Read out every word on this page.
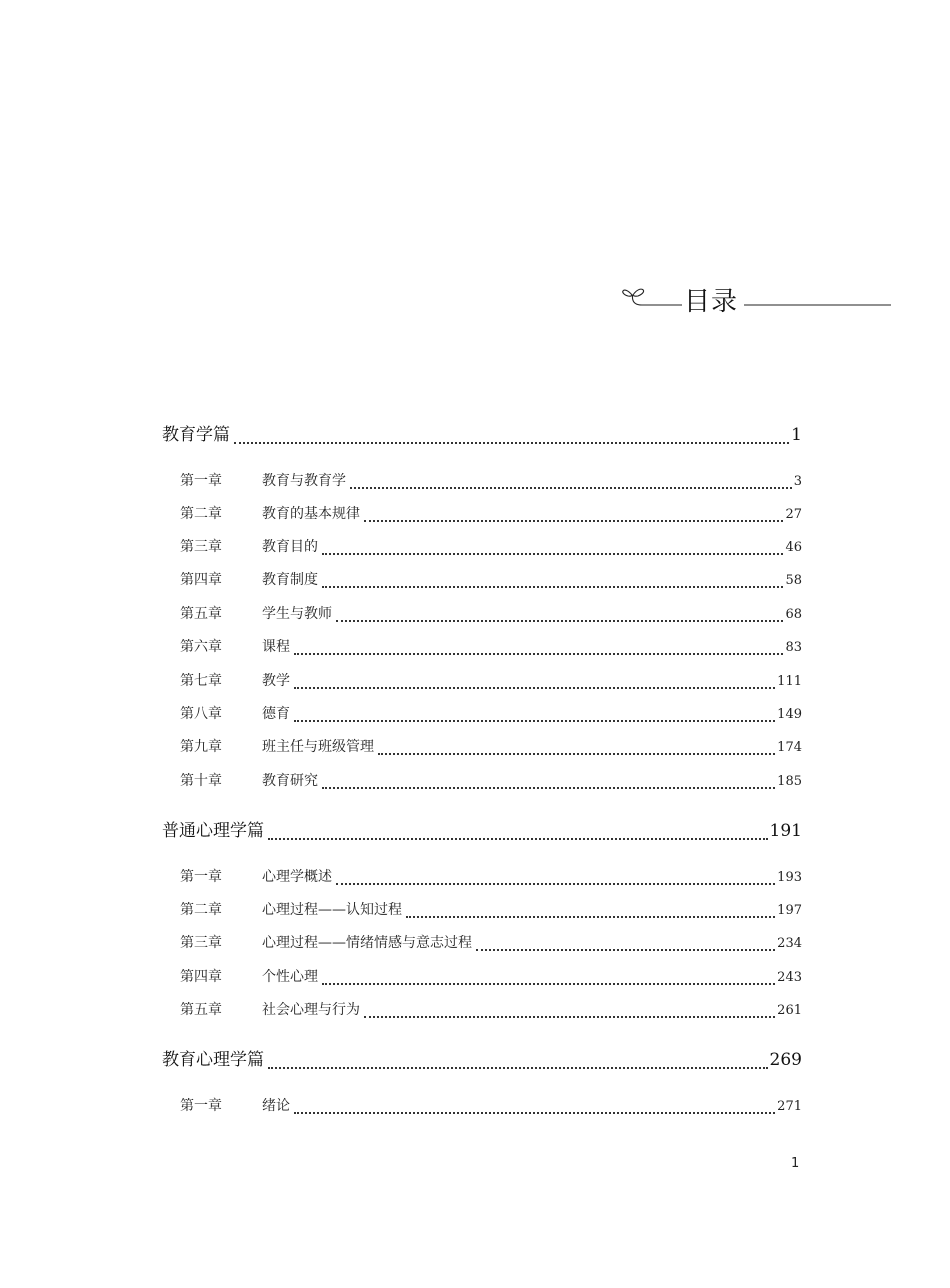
目录
教育学篇	1
第一章	教育与教育学	3
第二章	教育的基本规律	27
第三章	教育目的	46
第四章	教育制度	58
第五章	学生与教师	68
第六章	课程	83
第七章	教学	111
第八章	德育	149
第九章	班主任与班级管理	174
第十章	教育研究	185
普通心理学篇	191
第一章	心理学概述	193
第二章	心理过程——认知过程	197
第三章	心理过程——情绪情感与意志过程	234
第四章	个性心理	243
第五章	社会心理与行为	261
教育心理学篇	269
第一章	绪论	271
1
